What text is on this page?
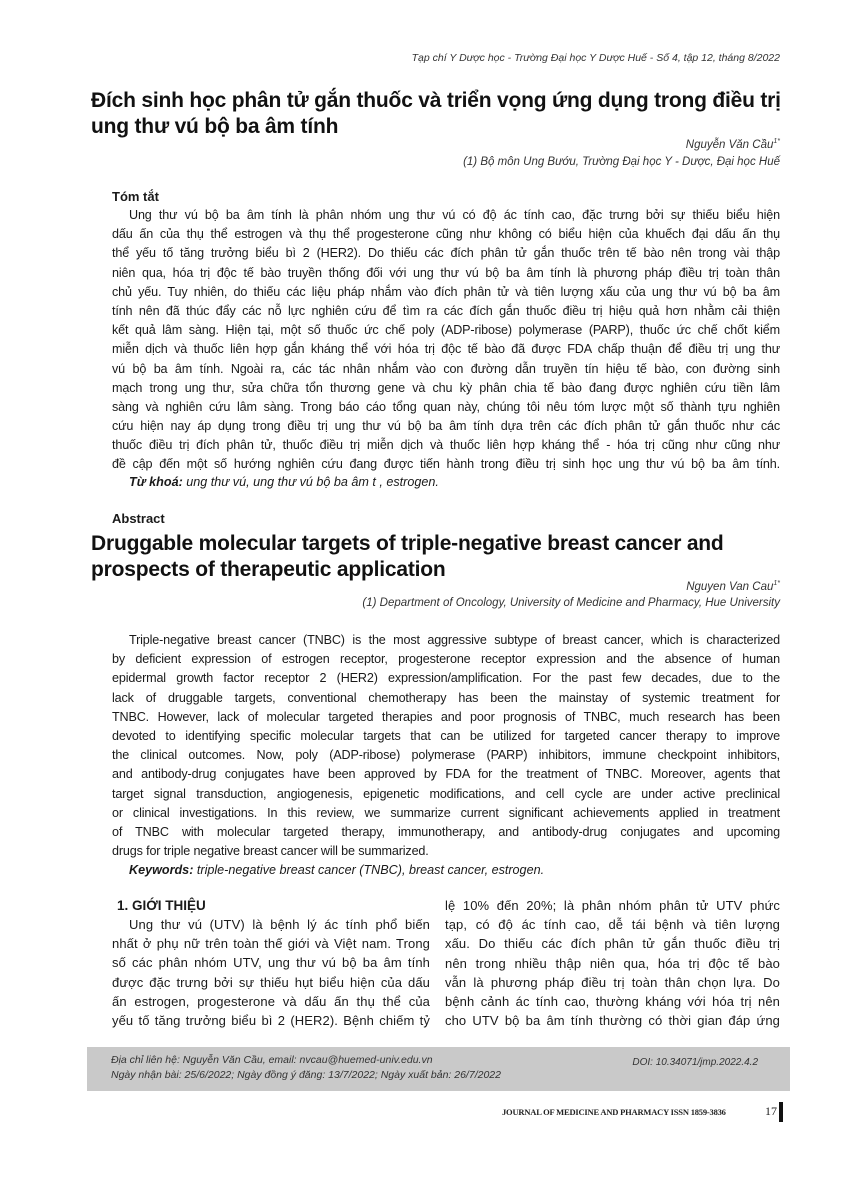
Tạp chí Y Dược học - Trường Đại học Y Dược Huế - Số 4, tập 12, tháng 8/2022
Đích sinh học phân tử gắn thuốc và triển vọng ứng dụng trong điều trị
ung thư vú bộ ba âm tính
Nguyễn Văn Cầu$^{1*}$
(1) Bộ môn Ung Bướu, Trường Đại học Y - Dược, Đại học Huế
Tóm tắt
Ung thư vú bộ ba âm tính là phân nhóm ung thư vú có độ ác tính cao, đặc trưng bởi sự thiếu biểu hiện
dấu ấn của thụ thể estrogen và thụ thể progesterone cũng như không có biểu hiện của khuếch đại dấu ấn thụ
thể yếu tố tăng trưởng biểu bì 2 (HER2). Do thiếu các đích phân tử gắn thuốc trên tế bào nên trong vài thập
niên qua, hóa trị độc tế bào truyền thống đối với ung thư vú bộ ba âm tính là phương pháp điều trị toàn thân
chủ yếu. Tuy nhiên, do thiếu các liệu pháp nhắm vào đích phân tử và tiên lượng xấu của ung thư vú bộ ba âm
tính nên đã thúc đẩy các nỗ lực nghiên cứu để tìm ra các đích gắn thuốc điều trị hiệu quả hơn nhằm cải thiện
kết quả lâm sàng. Hiện tại, một số thuốc ức chế poly (ADP-ribose) polymerase (PARP), thuốc ức chế chốt kiểm
miễn dịch và thuốc liên hợp gắn kháng thể với hóa trị độc tế bào đã được FDA chấp thuận để điều trị ung thư
vú bộ ba âm tính. Ngoài ra, các tác nhân nhắm vào con đường dẫn truyền tín hiệu tế bào, con đường sinh
mạch trong ung thư, sửa chữa tổn thương gene và chu kỳ phân chia tế bào đang được nghiên cứu tiền lâm
sàng và nghiên cứu lâm sàng. Trong báo cáo tổng quan này, chúng tôi nêu tóm lược một số thành tựu nghiên
cứu hiện nay áp dụng trong điều trị ung thư vú bộ ba âm tính dựa trên các đích phân tử gắn thuốc như các
thuốc điều trị đích phân tử, thuốc điều trị miễn dịch và thuốc liên hợp kháng thể - hóa trị cũng như cũng như
đề cập đến một số hướng nghiên cứu đang được tiến hành trong điều trị sinh học ung thư vú bộ ba âm tính.
Từ khoá: ung thư vú, ung thư vú bộ ba âm t , estrogen.
Abstract
Druggable molecular targets of triple-negative breast cancer and
prospects of therapeutic application
Nguyen Van Cau$^{1*}$
(1) Department of Oncology, University of Medicine and Pharmacy, Hue University
Triple-negative breast cancer (TNBC) is the most aggressive subtype of breast cancer, which is characterized
by deficient expression of estrogen receptor, progesterone receptor expression and the absence of human
epidermal growth factor receptor 2 (HER2) expression/amplification. For the past few decades, due to the
lack of druggable targets, conventional chemotherapy has been the mainstay of systemic treatment for
TNBC. However, lack of molecular targeted therapies and poor prognosis of TNBC, much research has been
devoted to identifying specific molecular targets that can be utilized for targeted cancer therapy to improve
the clinical outcomes. Now, poly (ADP-ribose) polymerase (PARP) inhibitors, immune checkpoint inhibitors,
and antibody-drug conjugates have been approved by FDA for the treatment of TNBC. Moreover, agents that
target signal transduction, angiogenesis, epigenetic modifications, and cell cycle are under active preclinical
or clinical investigations. In this review, we summarize current significant achievements applied in treatment
of TNBC with molecular targeted therapy, immunotherapy, and antibody-drug conjugates and upcoming
drugs for triple negative breast cancer will be summarized.
Keywords: triple-negative breast cancer (TNBC), breast cancer, estrogen.
1. GIỚI THIỆU
Ung thư vú (UTV) là bệnh lý ác tính phổ biến
nhất ở phụ nữ trên toàn thế giới và Việt nam. Trong
số các phân nhóm UTV, ung thư vú bộ ba âm tính
được đặc trưng bởi sự thiếu hụt biểu hiện của dấu
ấn estrogen, progesterone và dấu ấn thụ thể của
yếu tố tăng trưởng biểu bì 2 (HER2). Bệnh chiếm tỷ
lệ 10% đến 20%; là phân nhóm phân tử UTV phức
tạp, có độ ác tính cao, dễ tái bệnh và tiên lượng
xấu. Do thiếu các đích phân tử gắn thuốc điều trị
nên trong nhiều thập niên qua, hóa trị độc tế bào
vẫn là phương pháp điều trị toàn thân chọn lựa. Do
bệnh cảnh ác tính cao, thường kháng với hóa trị nên
cho UTV bộ ba âm tính thường có thời gian đáp ứng
Địa chỉ liên hệ: Nguyễn Văn Cầu, email: nvcau@huemed-univ.edu.vn
Ngày nhận bài: 25/6/2022; Ngày đồng ý đăng: 13/7/2022; Ngày xuất bản: 26/7/2022
DOI: 10.34071/jmp.2022.4.2
JOURNAL OF MEDICINE AND PHARMACY ISSN 1859-3836	17
